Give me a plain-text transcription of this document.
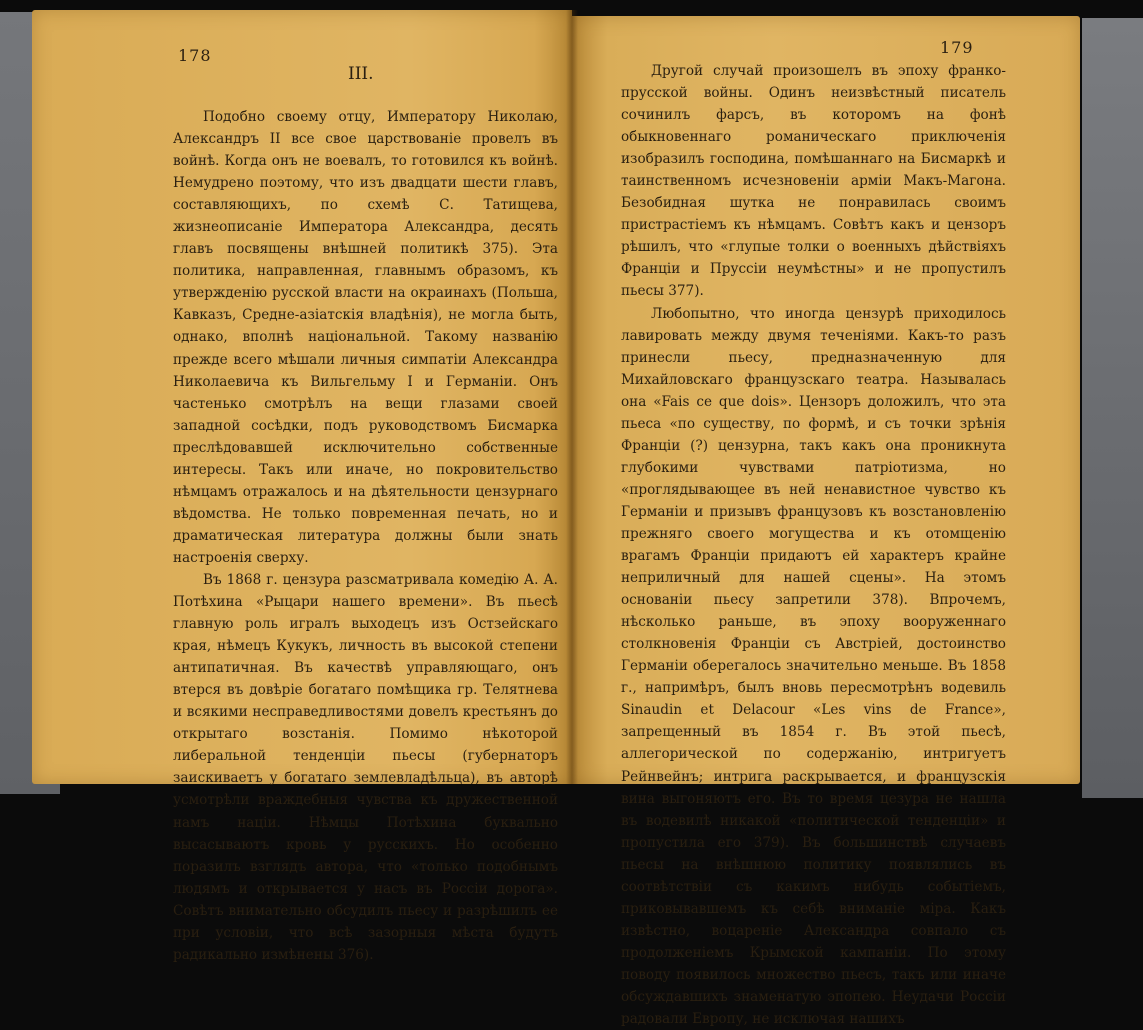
178
III.

Подобно своему отцу, Императору Николаю, Александръ II все свое царствованіе провелъ въ войнѣ. Когда онъ не воевалъ, то готовился къ войнѣ. Немудрено поэтому, что изъ двадцати шести главъ, составляющихъ, по схемѣ С. Татищева, жизнеописаніе Императора Александра, десять главъ посвящены внѣшней политикѣ 375). Эта политика, направленная, главнымъ образомъ, къ утвержденію русской власти на окраинахъ (Польша, Кавказъ, Средне-азіатскія владѣнія), не могла быть, однако, вполнѣ національной. Такому названію прежде всего мѣшали личныя симпатіи Александра Николаевича къ Вильгельму I и Германіи. Онъ частенько смотрѣлъ на вещи глазами своей западной сосѣдки, подъ руководствомъ Бисмарка преслѣдовавшей исключительно собственные интересы. Такъ или иначе, но покровительство нѣмцамъ отражалось и на дѣятельности цензурнаго вѣдомства. Не только повременная печать, но и драматическая литература должны были знать настроенія сверху.

Въ 1868 г. цензура разсматривала комедію А. А. Потѣхина «Рыцари нашего времени». Въ пьесѣ главную роль игралъ выходецъ изъ Остзейскаго края, нѣмецъ Кукукъ, личность въ высокой степени антипатичная. Въ качествѣ управляющаго, онъ втерся въ довѣріе богатаго помѣщика гр. Телятнева и всякими несправедливостями довелъ крестьянъ до открытаго возстанія. Помимо нѣкоторой либеральной тенденціи пьесы (губернаторъ заискиваетъ у богатаго землевладѣльца), въ авторѣ усмотрѣли враждебныя чувства къ дружественной намъ націи. Нѣмцы Потѣхина буквально высасываютъ кровь у русскихъ. Но особенно поразилъ взглядъ автора, что «только подобнымъ людямъ и открывается у насъ въ Россіи дорога». Совѣтъ внимательно обсудилъ пьесу и разрѣшилъ ее при условіи, что всѣ зазорныя мѣста будутъ радикально измѣнены 376).

179

Другой случай произошелъ въ эпоху франко-прусской войны. Одинъ неизвѣстный писатель сочинилъ фарсъ, въ которомъ на фонѣ обыкновеннаго романическаго приключенія изобразилъ господина, помѣшаннаго на Бисмаркѣ и таинственномъ исчезновеніи арміи Макъ-Магона. Безобидная шутка не понравилась своимъ пристрастіемъ къ нѣмцамъ. Совѣтъ какъ и цензоръ рѣшилъ, что «глупые толки о военныхъ дѣйствіяхъ Франціи и Пруссіи неумѣстны» и не пропустилъ пьесы 377).

Любопытно, что иногда цензурѣ приходилось лавировать между двумя теченіями. Какъ-то разъ принесли пьесу, предназначенную для Михайловскаго французскаго театра. Называлась она «Fais ce que dois». Цензоръ доложилъ, что эта пьеса «по существу, по формѣ, и съ точки зрѣнія Франціи (?) цензурна, такъ какъ она проникнута глубокими чувствами патріотизма, но «проглядывающее въ ней ненавистное чувство къ Германіи и призывъ французовъ къ возстановленію прежняго своего могущества и къ отомщенію врагамъ Франціи придаютъ ей характеръ крайне неприличный для нашей сцены». На этомъ основаніи пьесу запретили 378). Впрочемъ, нѣсколько раньше, въ эпоху вооруженнаго столкновенія Франціи съ Австріей, достоинство Германіи оберегалось значительно меньше. Въ 1858 г., напримѣръ, былъ вновь пересмотрѣнъ водевиль Sinaudin et Delacour «Les vins de France», запрещенный въ 1854 г. Въ этой пьесѣ, аллегорической по содержанію, интригуетъ Рейнвейнъ; интрига раскрывается, и французскія вина выгоняютъ его. Въ то время цезура не нашла въ водевилѣ никакой «политической тенденціи» и пропустила его 379). Въ большинствѣ случаевъ пьесы на внѣшнюю политику появлялись въ соотвѣтствіи съ какимъ нибудь событіемъ, приковывавшемъ къ себѣ вниманіе міра. Какъ извѣстно, воцареніе Александра совпало съ продолженіемъ Крымской кампаніи. По этому поводу появилось множество пьесъ, такъ или иначе обсуждавшихъ знаменатую эпопею. Неудачи Россіи радовали Европу, не исключая нашихъ
